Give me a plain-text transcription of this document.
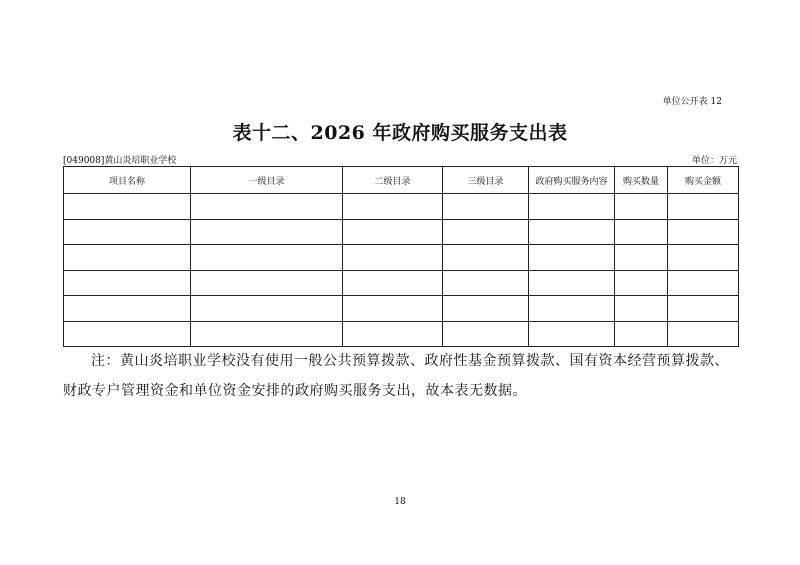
单位公开表 12
表十二、2026 年政府购买服务支出表
[049008]黄山炎培职业学校	单位：万元
项目名称	一级目录	二级目录	三级目录	政府购买服务内容	购买数量	购买金额

注：黄山炎培职业学校没有使用一般公共预算拨款、政府性基金预算拨款、国有资本经营预算拨款、财政专户管理资金和单位资金安排的政府购买服务支出，故本表无数据。
18
